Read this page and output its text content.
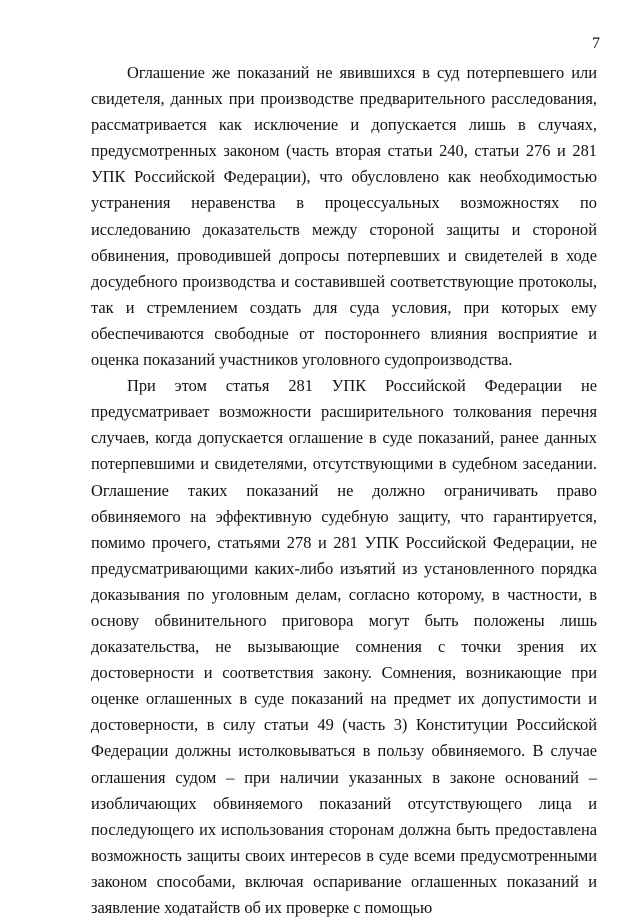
7

Оглашение же показаний не явившихся в суд потерпевшего или свидетеля, данных при производстве предварительного расследования, рассматривается как исключение и допускается лишь в случаях, предусмотренных законом (часть вторая статьи 240, статьи 276 и 281 УПК Российской Федерации), что обусловлено как необходимостью устранения неравенства в процессуальных возможностях по исследованию доказательств между стороной защиты и стороной обвинения, проводившей допросы потерпевших и свидетелей в ходе досудебного производства и составившей соответствующие протоколы, так и стремлением создать для суда условия, при которых ему обеспечиваются свободные от постороннего влияния восприятие и оценка показаний участников уголовного судопроизводства.

При этом статья 281 УПК Российской Федерации не предусматривает возможности расширительного толкования перечня случаев, когда допускается оглашение в суде показаний, ранее данных потерпевшими и свидетелями, отсутствующими в судебном заседании. Оглашение таких показаний не должно ограничивать право обвиняемого на эффективную судебную защиту, что гарантируется, помимо прочего, статьями 278 и 281 УПК Российской Федерации, не предусматривающими каких-либо изъятий из установленного порядка доказывания по уголовным делам, согласно которому, в частности, в основу обвинительного приговора могут быть положены лишь доказательства, не вызывающие сомнения с точки зрения их достоверности и соответствия закону. Сомнения, возникающие при оценке оглашенных в суде показаний на предмет их допустимости и достоверности, в силу статьи 49 (часть 3) Конституции Российской Федерации должны истолковываться в пользу обвиняемого. В случае оглашения судом – при наличии указанных в законе оснований – изобличающих обвиняемого показаний отсутствующего лица и последующего их использования сторонам должна быть предоставлена возможность защиты своих интересов в суде всеми предусмотренными законом способами, включая оспаривание оглашенных показаний и заявление ходатайств об их проверке с помощью
